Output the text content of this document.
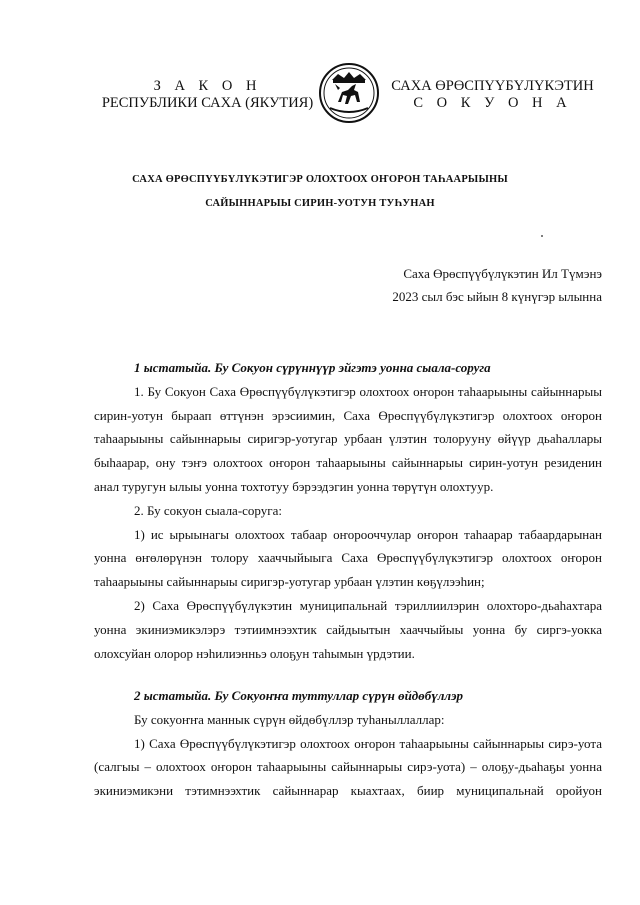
З А К О Н
РЕСПУБЛИКИ САХА (ЯКУТИЯ)
САХА ӨРӨСПҮҮБҮЛҮКЭТИН
С О К У О Н А
САХА ӨРӨСПҮҮБҮЛҮКЭТИГЭР ОЛОХТООХ ОҤОРОН ТАҺААРЫЫНЫ
САЙЫННАРЫЫ СИРИН-УОТУН ТУҺУНАН
Саха Өрөспүүбүлүкэтин Ил Түмэнэ
2023 сыл бэс ыйын 8 күнүгэр ылынна

1 ыстатыйа. Бу Сокуон сүрүннүүр эйгэтэ уонна сыала-соруга

1. Бу Сокуон Саха Өрөспүүбүлүкэтигэр олохтоох оҥорон таһаарыыны сайыннарыы сирин-уотун быраап өттүнэн эрэсиимин, Саха Өрөспүүбүлүкэтигэр олохтоох оҥорон таһаарыыны сайыннарыы сиригэр-уотугар урбаан үлэтин толорууну өйүүр дьаһаллары быһаарар, ону тэҥэ олохтоох оҥорон таһаарыыны сайыннарыы сирин-уотун резиденин анал туругун ылыы уонна тохтотуу бэрээдэгин уонна төрүтүн олохтуур.

2. Бу сокуон сыала-соруга:

1) ис ырыынагы олохтоох табаар оҥорооччулар оҥорон таһаарар табаардарынан уонна өҥөлөрүнэн толору хааччыйыыга Саха Өрөспүүбүлүкэтигэр олохтоох оҥорон таһаарыыны сайыннарыы сиригэр-уотугар урбаан үлэтин көҕүлээһин;

2) Саха Өрөспүүбүлүкэтин муниципальнай тэриллиилэрин олохторо-дьаһахтара уонна экиниэмикэлэрэ тэтиимнээхтик сайдыытын хааччыйыы уонна бу сиргэ-уокка олохсуйан олорор нэһилиэнньэ олоҕун таһымын үрдэтии.

2 ыстатыйа. Бу Сокуоҥҥа туттуллар сүрүн өйдөбүллэр

Бу сокуоҥҥа маннык сүрүн өйдөбүллэр туһаныллаллар:

1) Саха Өрөспүүбүлүкэтигэр олохтоох оҥорон таһаарыыны сайыннарыы сирэ-уота (салгыы – олохтоох оҥорон таһаарыыны сайыннарыы сирэ-уота) – олоҕу-дьаһаҕы уонна экиниэмикэни тэтимнээхтик сайыннарар кыахтаах, биир муниципальнай оройуон
